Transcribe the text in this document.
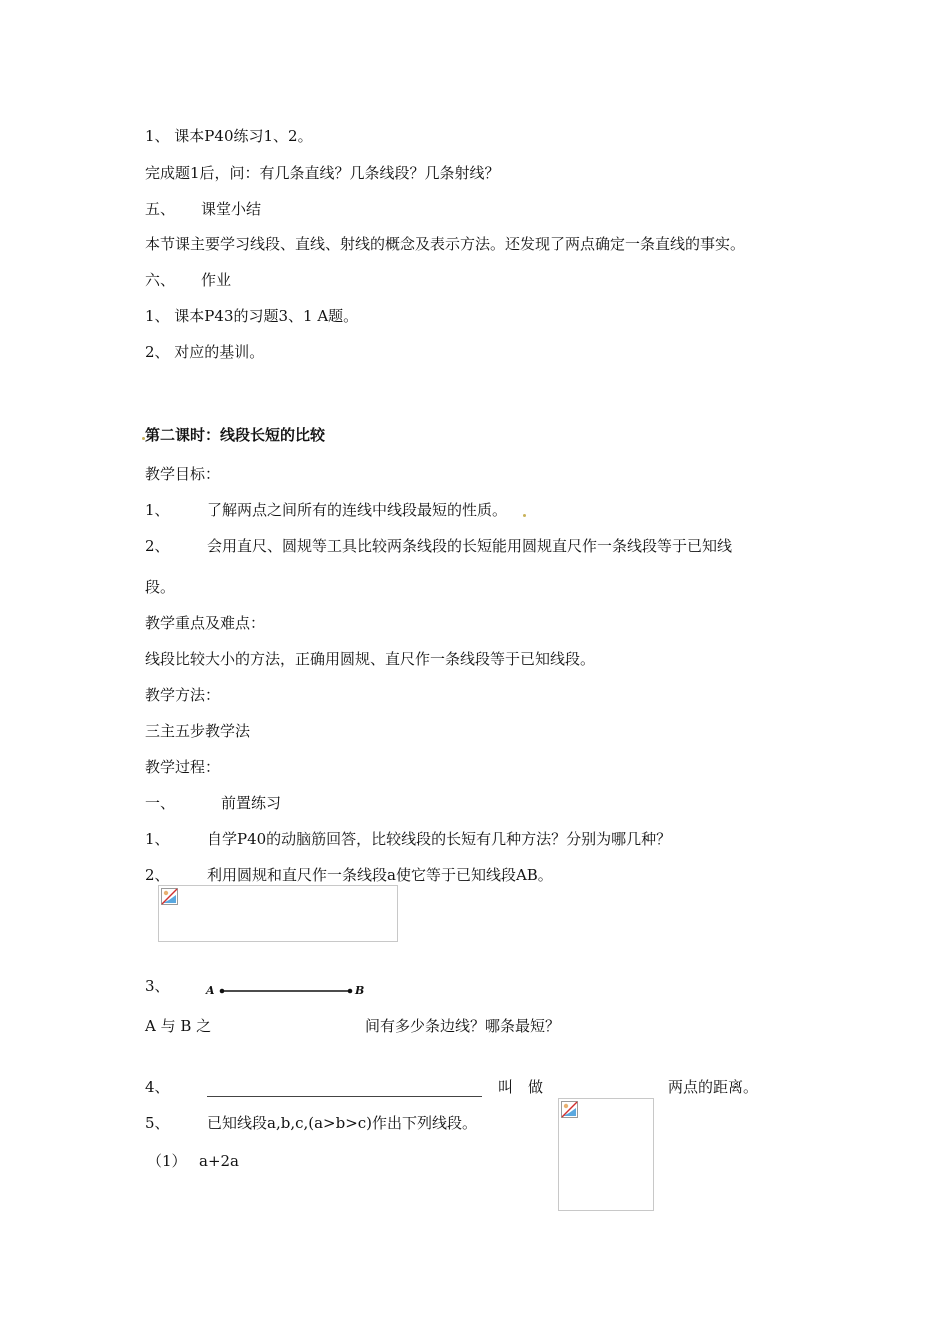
1、 课本P40练习1、2。
完成题1后，问：有几条直线？几条线段？几条射线？
五、 课堂小结
本节课主要学习线段、直线、射线的概念及表示方法。还发现了两点确定一条直线的事实。
六、 作业
1、 课本P43的习题3、1 A题。
2、 对应的基训。
第二课时：线段长短的比较
教学目标：
1、 了解两点之间所有的连线中线段最短的性质。
2、 会用直尺、圆规等工具比较两条线段的长短能用圆规直尺作一条线段等于已知线
段。
教学重点及难点：
线段比较大小的方法，正确用圆规、直尺作一条线段等于已知线段。
教学方法：
三主五步教学法
教学过程：
一、	前置练习
1、 自学P40的动脑筋回答，比较线段的长短有几种方法？分别为哪几种？
2、 利用圆规和直尺作一条线段a使它等于已知线段AB。
3、	A	B
A 与 B 之	间有多少条边线？哪条最短？
4、	叫　做	两点的距离。
5、 已知线段a,b,c,(a>b>c)作出下列线段。
（1） a+2a
